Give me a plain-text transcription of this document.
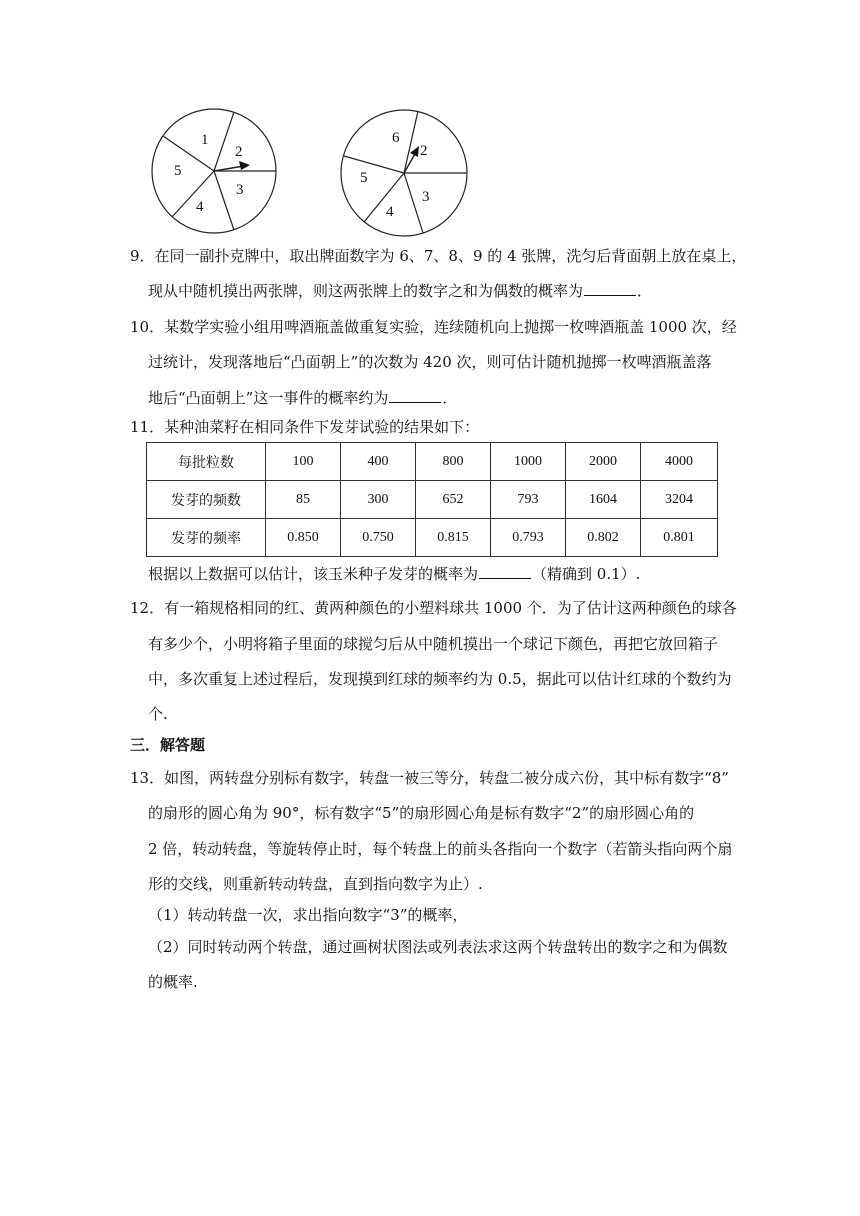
1
2
3
4
5
6
2
3
4
5
9．在同一副扑克牌中，取出牌面数字为 6、7、8、9 的 4 张牌，洗匀后背面朝上放在桌上，
现从中随机摸出两张牌，则这两张牌上的数字之和为偶数的概率为	．
10．某数学实验小组用啤酒瓶盖做重复实验，连续随机向上抛掷一枚啤酒瓶盖 1000 次，经
过统计，发现落地后“凸面朝上”的次数为 420 次，则可估计随机抛掷一枚啤酒瓶盖落
地后“凸面朝上”这一事件的概率约为	．
11．某种油菜籽在相同条件下发芽试验的结果如下：
每批粒数	100	400	800	1000	2000	4000
发芽的频数	85	300	652	793	1604	3204
发芽的频率	0.850	0.750	0.815	0.793	0.802	0.801
根据以上数据可以估计，该玉米种子发芽的概率为	（精确到 0.1）.
12．有一箱规格相同的红、黄两种颜色的小塑料球共 1000 个．为了估计这两种颜色的球各
有多少个，小明将箱子里面的球搅匀后从中随机摸出一个球记下颜色，再把它放回箱子
中，多次重复上述过程后，发现摸到红球的频率约为 0.5，据此可以估计红球的个数约为
个.
三．解答题
13．如图，两转盘分别标有数字，转盘一被三等分，转盘二被分成六份，其中标有数字“8”
的扇形的圆心角为 90°，标有数字“5”的扇形圆心角是标有数字“2”的扇形圆心角的
2 倍，转动转盘，等旋转停止时，每个转盘上的前头各指向一个数字（若箭头指向两个扇
形的交线，则重新转动转盘，直到指向数字为止）.
（1）转动转盘一次，求出指向数字“3”的概率，
（2）同时转动两个转盘，通过画树状图法或列表法求这两个转盘转出的数字之和为偶数
的概率.
